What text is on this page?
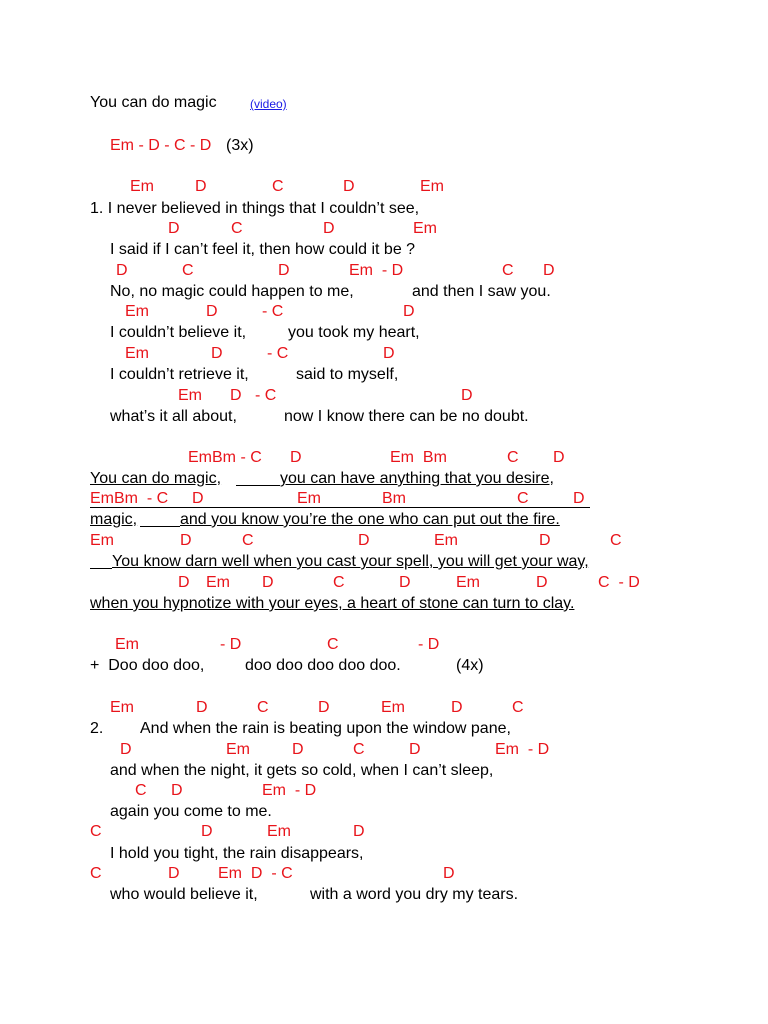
You can do magic	(video)
Em - D - C - D (3x)
Em	D	C	D	Em
1. I never believed in things that I couldn’t see,
D	C	D	Em
I said if I can’t feel it, then how could it be ?
D	C	D	Em  - D	C D
No, no magic could happen to me,	and then I saw you.
Em	D	- C	D
I couldn’t believe it,	you took my heart,
Em	D	- C	D
I couldn’t retrieve it,	said to myself,
Em D - C	D
what’s it all about,	now I know there can be no doubt.
EmBm - C D	Em  Bm	C D
You can do magic,	you can have anything that you desire,
EmBm  - C D	Em	Bm	C	D
magic,	and you know you’re the one who can put out the fire.
Em	D	C	D	Em	D	C
You know darn well when you cast your spell, you will get your way,
D Em D	C	D	Em	D	C  - D
when you hypnotize with your eyes, a heart of stone can turn to clay.
Em	- D	C	- D
+  Doo doo doo,	doo doo doo doo doo.	(4x)
Em	D	C	D	Em	D	C
2. And when the rain is beating upon the window pane,
D	Em	D	C	D	Em  - D
and when the night, it gets so cold, when I can’t sleep,
C D	Em  - D
again you come to me.
C	D	Em	D
I hold you tight, the rain disappears,
C	D Em  D  - C	D
who would believe it,	with a word you dry my tears.
